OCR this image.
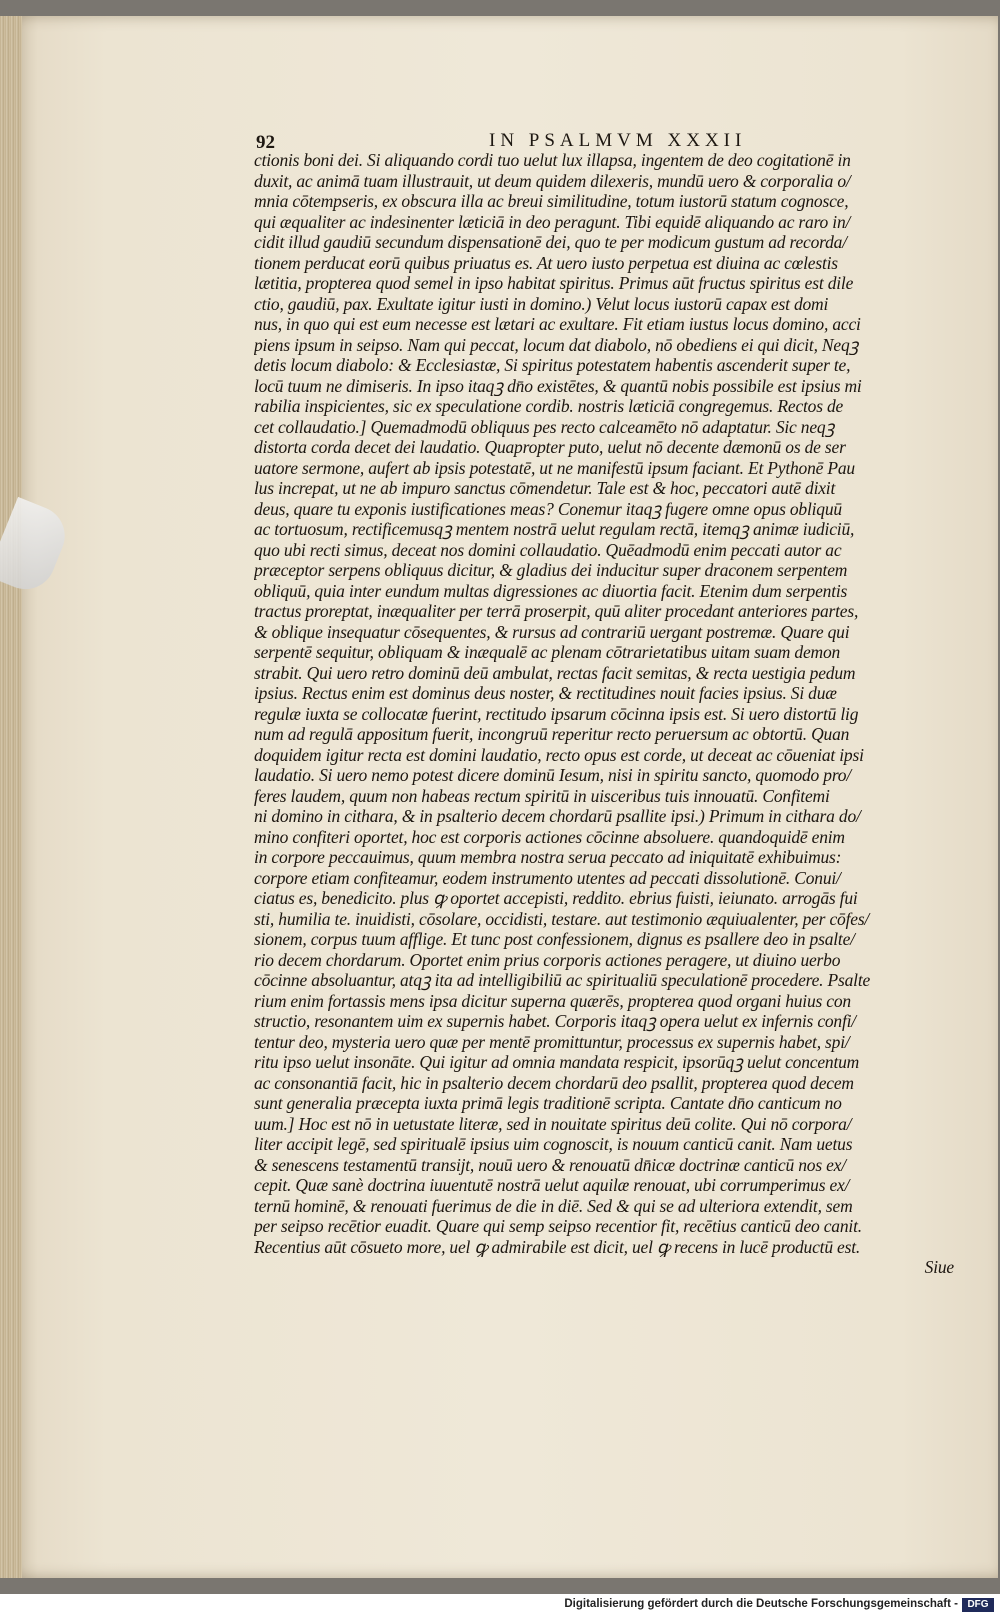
92	IN PSALMVM XXXII
ctionis boni dei. Si aliquando cordi tuo uelut lux illapsa, ingentem de deo cogitationē in
duxit, ac animā tuam illustrauit, ut deum quidem dilexeris, mundū uero & corporalia o/
mnia cōtempseris, ex obscura illa ac breui similitudine, totum iustorū statum cognosce,
qui æqualiter ac indesinenter læticiā in deo peragunt. Tibi equidē aliquando ac raro in/
cidit illud gaudiū secundum dispensationē dei, quo te per modicum gustum ad recorda/
tionem perducat eorū quibus priuatus es. At uero iusto perpetua est diuina ac cœlestis
lætitia, propterea quod semel in ipso habitat spiritus. Primus aūt fructus spiritus est dile
ctio, gaudiū, pax. Exultate igitur iusti in domino.) Velut locus iustorū capax est domi
nus, in quo qui est eum necesse est lætari ac exultare. Fit etiam iustus locus domino, acci
piens ipsum in seipso. Nam qui peccat, locum dat diabolo, nō obediens ei qui dicit, Neqꝫ
detis locum diabolo: & Ecclesiastæ, Si spiritus potestatem habentis ascenderit super te,
locū tuum ne dimiseris. In ipso itaqꝫ dn̄o existētes, & quantū nobis possibile est ipsius mi
rabilia inspicientes, sic ex speculatione cordib. nostris læticiā congregemus. Rectos de
cet collaudatio.] Quemadmodū obliquus pes recto calceamēto nō adaptatur. Sic neqꝫ
distorta corda decet dei laudatio. Quapropter puto, uelut nō decente dæmonū os de ser
uatore sermone, aufert ab ipsis potestatē, ut ne manifestū ipsum faciant. Et Pythonē Pau
lus increpat, ut ne ab impuro sanctus cōmendetur. Tale est & hoc, peccatori autē dixit
deus, quare tu exponis iustificationes meas? Conemur itaqꝫ fugere omne opus obliquū
ac tortuosum, rectificemusqꝫ mentem nostrā uelut regulam rectā, itemqꝫ animæ iudiciū,
quo ubi recti simus, deceat nos domini collaudatio. Quēadmodū enim peccati autor ac
præceptor serpens obliquus dicitur, & gladius dei inducitur super draconem serpentem
obliquū, quia inter eundum multas digressiones ac diuortia facit. Etenim dum serpentis
tractus proreptat, inæqualiter per terrā proserpit, quū aliter procedant anteriores partes,
& oblique insequatur cōsequentes, & rursus ad contrariū uergant postremæ. Quare qui
serpentē sequitur, obliquam & inæqualē ac plenam cōtrarietatibus uitam suam demon
strabit. Qui uero retro dominū deū ambulat, rectas facit semitas, & recta uestigia pedum
ipsius. Rectus enim est dominus deus noster, & rectitudines nouit facies ipsius. Si duæ
regulæ iuxta se collocatæ fuerint, rectitudo ipsarum cōcinna ipsis est. Si uero distortū lig
num ad regulā appositum fuerit, incongruū reperitur recto peruersum ac obtortū. Quan
doquidem igitur recta est domini laudatio, recto opus est corde, ut deceat ac cōueniat ipsi
laudatio. Si uero nemo potest dicere dominū Iesum, nisi in spiritu sancto, quomodo pro/
feres laudem, quum non habeas rectum spiritū in uisceribus tuis innouatū. Confitemi
ni domino in cithara, & in psalterio decem chordarū psallite ipsi.) Primum in cithara do/
mino confiteri oportet, hoc est corporis actiones cōcinne absoluere. quandoquidē enim
in corpore peccauimus, quum membra nostra serua peccato ad iniquitatē exhibuimus:
corpore etiam confiteamur, eodem instrumento utentes ad peccati dissolutionē. Conui/
ciatus es, benedicito. plus ꝙ oportet accepisti, reddito. ebrius fuisti, ieiunato. arrogās fui
sti, humilia te. inuidisti, cōsolare, occidisti, testare. aut testimonio æquiualenter, per cōfes/
sionem, corpus tuum afflige. Et tunc post confessionem, dignus es psallere deo in psalte/
rio decem chordarum. Oportet enim prius corporis actiones peragere, ut diuino uerbo
cōcinne absoluantur, atqꝫ ita ad intelligibiliū ac spiritualiū speculationē procedere. Psalte
rium enim fortassis mens ipsa dicitur superna quærēs, propterea quod organi huius con
structio, resonantem uim ex supernis habet. Corporis itaqꝫ opera uelut ex infernis confi/
tentur deo, mysteria uero quæ per mentē promittuntur, processus ex supernis habet, spi/
ritu ipso uelut insonāte. Qui igitur ad omnia mandata respicit, ipsorūqꝫ uelut concentum
ac consonantiā facit, hic in psalterio decem chordarū deo psallit, propterea quod decem
sunt generalia præcepta iuxta primā legis traditionē scripta. Cantate dn̄o canticum no
uum.] Hoc est nō in uetustate literæ, sed in nouitate spiritus deū colite. Qui nō corpora/
liter accipit legē, sed spiritualē ipsius uim cognoscit, is nouum canticū canit. Nam uetus
& senescens testamentū transijt, nouū uero & renouatū dn̄icæ doctrinæ canticū nos ex/
cepit. Quæ sanè doctrina iuuentutē nostrā uelut aquilæ renouat, ubi corrumperimus ex/
ternū hominē, & renouati fuerimus de die in diē. Sed & qui se ad ulteriora extendit, sem
per seipso recētior euadit. Quare qui semp seipso recentior fit, recētius canticū deo canit.
Recentius aūt cōsueto more, uel ꝙ admirabile est dicit, uel ꝙ recens in lucē productū est.
Siue
Digitalisierung gefördert durch die Deutsche Forschungsgemeinschaft - DFG
